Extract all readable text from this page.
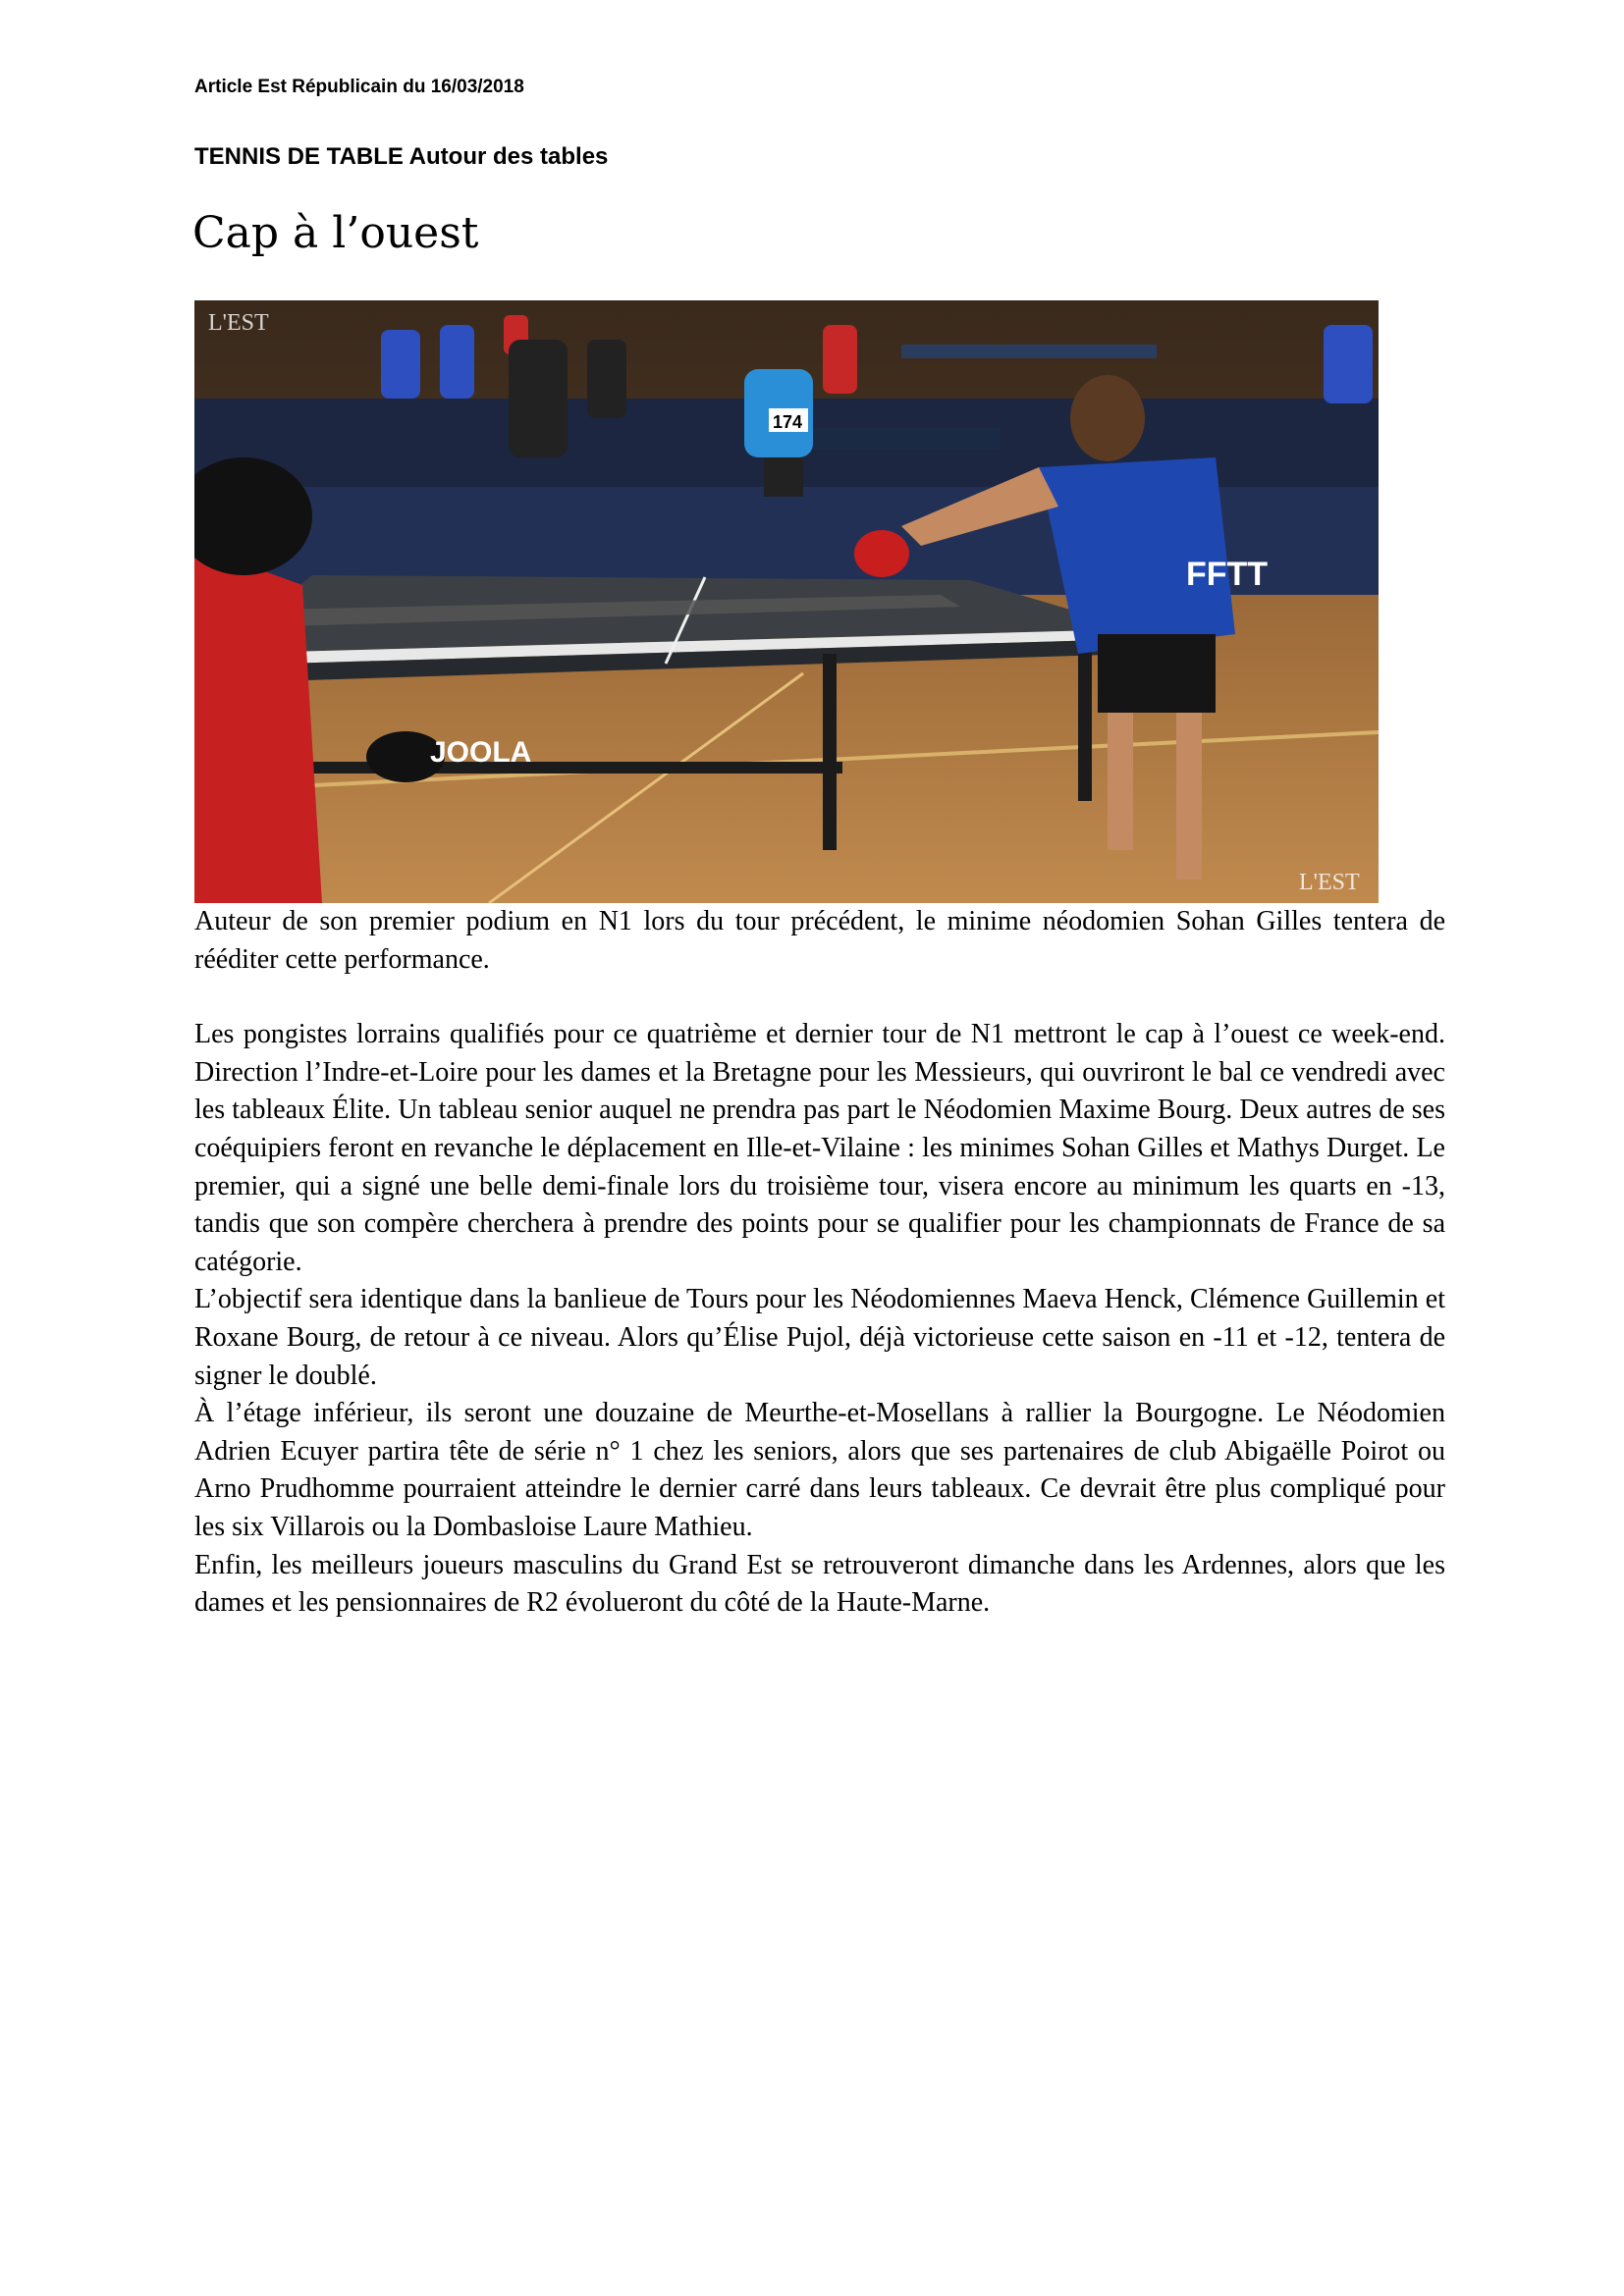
Article Est Républicain du 16/03/2018
TENNIS DE TABLE Autour des tables
Cap à l’ouest
FFTT
JOOLA
174
L'EST
L'EST

Auteur de son premier podium en N1 lors du tour précédent, le minime néodomien Sohan Gilles tentera de rééditer cette performance.

Les pongistes lorrains qualifiés pour ce quatrième et dernier tour de N1 mettront le cap à l’ouest ce week-end. Direction l’Indre-et-Loire pour les dames et la Bretagne pour les Messieurs, qui ouvriront le bal ce vendredi avec les tableaux Élite. Un tableau senior auquel ne prendra pas part le Néodomien Maxime Bourg. Deux autres de ses coéquipiers feront en revanche le déplacement en Ille-et-Vilaine : les minimes Sohan Gilles et Mathys Durget. Le premier, qui a signé une belle demi-finale lors du troisième tour, visera encore au minimum les quarts en -13, tandis que son compère cherchera à prendre des points pour se qualifier pour les championnats de France de sa catégorie.

L’objectif sera identique dans la banlieue de Tours pour les Néodomiennes Maeva Henck, Clémence Guillemin et Roxane Bourg, de retour à ce niveau. Alors qu’Élise Pujol, déjà victorieuse cette saison en -11 et -12, tentera de signer le doublé.

À l’étage inférieur, ils seront une douzaine de Meurthe-et-Mosellans à rallier la Bourgogne. Le Néodomien Adrien Ecuyer partira tête de série n° 1 chez les seniors, alors que ses partenaires de club Abigaëlle Poirot ou Arno Prudhomme pourraient atteindre le dernier carré dans leurs tableaux. Ce devrait être plus compliqué pour les six Villarois ou la Dombasloise Laure Mathieu.

Enfin, les meilleurs joueurs masculins du Grand Est se retrouveront dimanche dans les Ardennes, alors que les dames et les pensionnaires de R2 évolueront du côté de la Haute-Marne.
